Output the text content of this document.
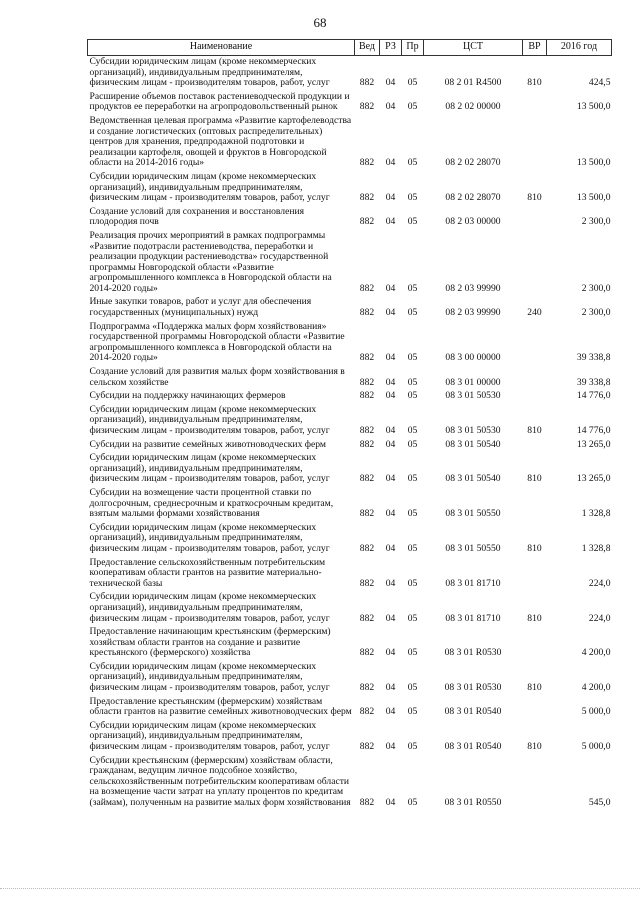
68
Наименование	Вед	РЗ	Пр	ЦСТ	ВР	2016 год
Субсидии юридическим лицам (кроме некоммерческих организаций), индивидуальным предпринимателям, физическим лицам - производителям товаров, работ, услуг	882	04	05	08 2 01 R4500	810	424,5
Расширение объемов поставок растениеводческой продукции и продуктов ее переработки на агропродовольственный рынок	882	04	05	08 2 02 00000		13 500,0
Ведомственная целевая программа «Развитие картофелеводства и создание логистических (оптовых распределительных) центров для хранения, предпродажной подготовки и реализации картофеля, овощей и фруктов в Новгородской области на 2014-2016 годы»	882	04	05	08 2 02 28070		13 500,0
Субсидии юридическим лицам (кроме некоммерческих организаций), индивидуальным предпринимателям, физическим лицам - производителям товаров, работ, услуг	882	04	05	08 2 02 28070	810	13 500,0
Создание условий для сохранения и восстановления плодородия почв	882	04	05	08 2 03 00000		2 300,0
Реализация прочих мероприятий в рамках подпрограммы «Развитие подотрасли растениеводства, переработки и реализации продукции растениеводства» государственной программы Новгородской области «Развитие агропромышленного комплекса в Новгородской области на 2014-2020 годы»	882	04	05	08 2 03 99990		2 300,0
Иные закупки товаров, работ и услуг для обеспечения государственных (муниципальных) нужд	882	04	05	08 2 03 99990	240	2 300,0
Подпрограмма «Поддержка малых форм хозяйствования» государственной программы Новгородской области «Развитие агропромышленного комплекса в Новгородской области на 2014-2020 годы»	882	04	05	08 3 00 00000		39 338,8
Создание условий для развития малых форм хозяйствования в сельском хозяйстве	882	04	05	08 3 01 00000		39 338,8
Субсидии на поддержку начинающих фермеров	882	04	05	08 3 01 50530		14 776,0
Субсидии юридическим лицам (кроме некоммерческих организаций), индивидуальным предпринимателям, физическим лицам - производителям товаров, работ, услуг	882	04	05	08 3 01 50530	810	14 776,0
Субсидии на развитие семейных животноводческих ферм	882	04	05	08 3 01 50540		13 265,0
Субсидии юридическим лицам (кроме некоммерческих организаций), индивидуальным предпринимателям, физическим лицам - производителям товаров, работ, услуг	882	04	05	08 3 01 50540	810	13 265,0
Субсидии на возмещение части процентной ставки по долгосрочным, среднесрочным и краткосрочным кредитам, взятым малыми формами хозяйствования	882	04	05	08 3 01 50550		1 328,8
Субсидии юридическим лицам (кроме некоммерческих организаций), индивидуальным предпринимателям, физическим лицам - производителям товаров, работ, услуг	882	04	05	08 3 01 50550	810	1 328,8
Предоставление сельскохозяйственным потребительским кооперативам области грантов на развитие материально-технической базы	882	04	05	08 3 01 81710		224,0
Субсидии юридическим лицам (кроме некоммерческих организаций), индивидуальным предпринимателям, физическим лицам - производителям товаров, работ, услуг	882	04	05	08 3 01 81710	810	224,0
Предоставление начинающим крестьянским (фермерским) хозяйствам области грантов на создание и развитие крестьянского (фермерского) хозяйства	882	04	05	08 3 01 R0530		4 200,0
Субсидии юридическим лицам (кроме некоммерческих организаций), индивидуальным предпринимателям, физическим лицам - производителям товаров, работ, услуг	882	04	05	08 3 01 R0530	810	4 200,0
Предоставление крестьянским (фермерским) хозяйствам области грантов на развитие семейных животноводческих ферм	882	04	05	08 3 01 R0540		5 000,0
Субсидии юридическим лицам (кроме некоммерческих организаций), индивидуальным предпринимателям, физическим лицам - производителям товаров, работ, услуг	882	04	05	08 3 01 R0540	810	5 000,0
Субсидии крестьянским (фермерским) хозяйствам области, гражданам, ведущим личное подсобное хозяйство, сельскохозяйственным потребительским кооперативам области на возмещение части затрат на уплату процентов по кредитам (займам), полученным на развитие малых форм хозяйствования	882	04	05	08 3 01 R0550		545,0
